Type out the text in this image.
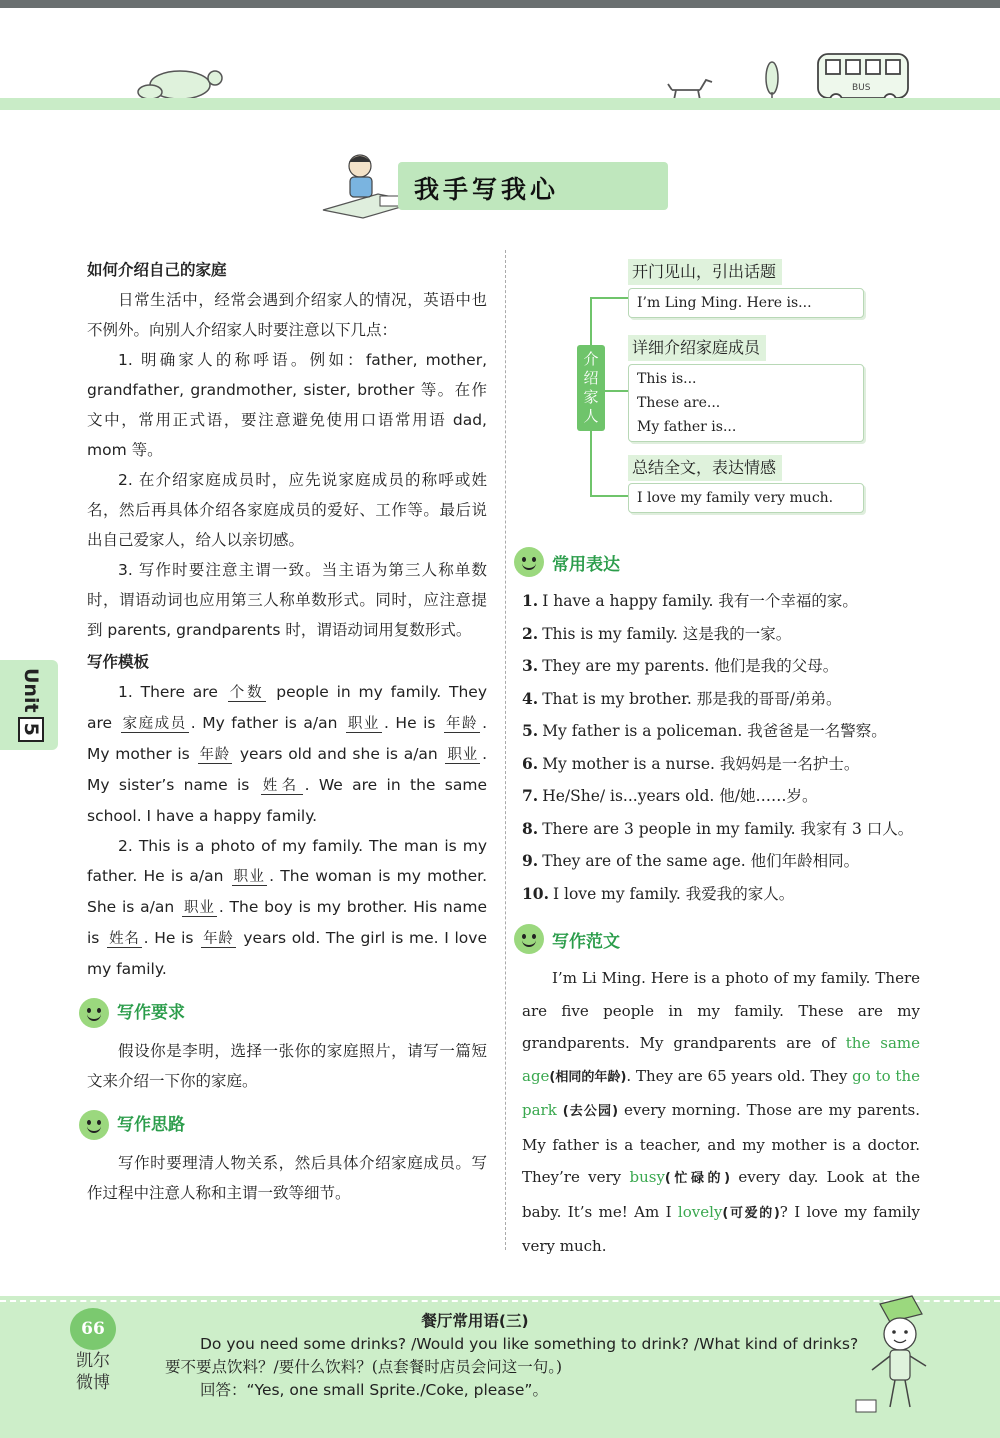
BUS
我手写我心
Unit5

如何介绍自己的家庭

日常生活中，经常会遇到介绍家人的情况，英语中也不例外。向别人介绍家人时要注意以下几点：

1. 明确家人的称呼语。例如：father, mother, grandfather, grandmother, sister, brother 等。在作文中，常用正式语，要注意避免使用口语常用语 dad, mom 等。

2. 在介绍家庭成员时，应先说家庭成员的称呼或姓名，然后再具体介绍各家庭成员的爱好、工作等。最后说出自己爱家人，给人以亲切感。

3. 写作时要注意主谓一致。当主语为第三人称单数时，谓语动词也应用第三人称单数形式。同时，应注意提到 parents, grandparents 时，谓语动词用复数形式。

写作模板

1. There are 个数 people in my family. They are 家庭成员 . My father is a/an 职业 . He is 年龄 . My mother is 年龄 years old and she is a/an 职业 . My sister’s name is 姓名 . We are in the same school. I have a happy family.

2. This is a photo of my family. The man is my father. He is a/an 职业 . The woman is my mother. She is a/an 职业 . The boy is my brother. His name is 姓名 . He is 年龄 years old. The girl is me. I love my family.

写作要求

假设你是李明，选择一张你的家庭照片，请写一篇短文来介绍一下你的家庭。

写作思路

写作时要理清人物关系，然后具体介绍家庭成员。写作过程中注意人称和主谓一致等细节。

介绍家人
开门见山，引出话题
I’m Ling Ming. Here is...
详细介绍家庭成员
This is...
These are...
My father is...
总结全文，表达情感
I love my family very much.
常用表达
1. I have a happy family. 我有一个幸福的家。
2. This is my family. 这是我的一家。
3. They are my parents. 他们是我的父母。
4. That is my brother. 那是我的哥哥/弟弟。
5. My father is a policeman. 我爸爸是一名警察。
6. My mother is a nurse. 我妈妈是一名护士。
7. He/She/ is...years old. 他/她……岁。
8. There are 3 people in my family. 我家有 3 口人。
9. They are of the same age. 他们年龄相同。
10. I love my family. 我爱我的家人。
写作范文

I’m Li Ming. Here is a photo of my family. There are five people in my family. These are my grandparents. My grandparents are of the same age(相同的年龄). They are 65 years old. They go to the park (去公园) every morning. Those are my parents. My father is a teacher, and my mother is a doctor. They’re very busy(忙碌的) every day. Look at the baby. It’s me! Am I lovely(可爱的)? I love my family very much.

66
凯尔微博
餐厅常用语(三)
Do you need some drinks? /Would you like something to drink? /What kind of drinks?
要不要点饮料？/要什么饮料？(点套餐时店员会问这一句。)
回答：“Yes, one small Sprite./Coke, please”。
